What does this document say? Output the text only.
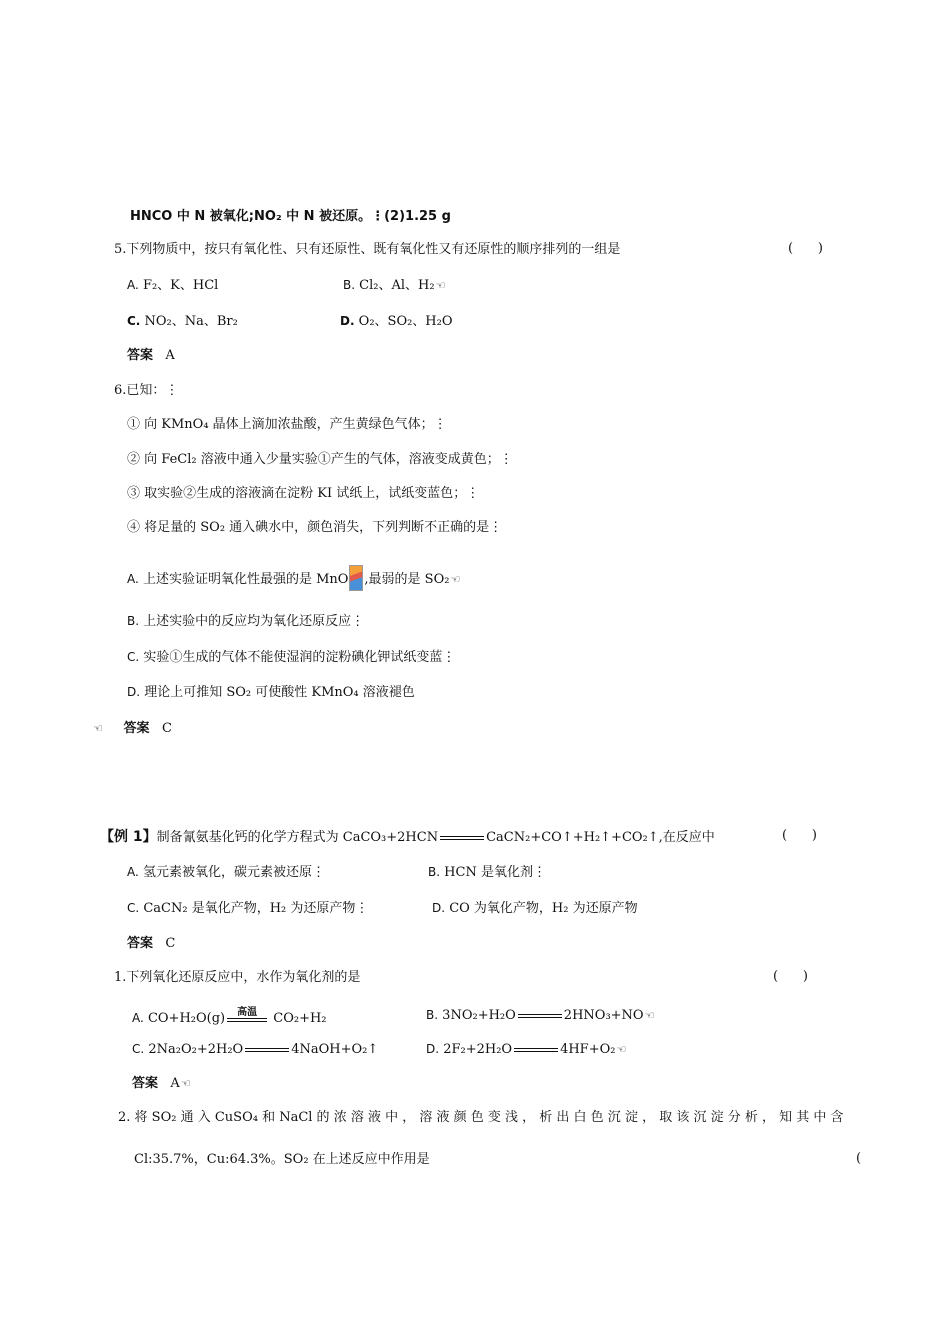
HNCO 中 N 被氧化;NO₂ 中 N 被还原。⋮(2)1.25 g
5.下列物质中，按只有氧化性、只有还原性、既有氧化性又有还原性的顺序排列的一组是	(      )
A. F₂、K、HCl	B. Cl₂、Al、H₂☜
C. NO₂、Na、Br₂	D. O₂、SO₂、H₂O
答案 A
6.已知：⋮
① 向 KMnO₄ 晶体上滴加浓盐酸，产生黄绿色气体；⋮
② 向 FeCl₂ 溶液中通入少量实验①产生的气体，溶液变成黄色；⋮
③ 取实验②生成的溶液滴在淀粉 KI 试纸上，试纸变蓝色；⋮
④ 将足量的 SO₂ 通入碘水中，颜色消失，下列判断不正确的是⋮
A. 上述实验证明氧化性最强的是 MnO ,最弱的是 SO₂☜
B. 上述实验中的反应均为氧化还原反应⋮
C. 实验①生成的气体不能使湿润的淀粉碘化钾试纸变蓝⋮
D. 理论上可推知 SO₂ 可使酸性 KMnO₄ 溶液褪色
☜ 答案 C
【例 1】制备氰氨基化钙的化学方程式为 CaCO₃+2HCN	CaCN₂+CO↑+H₂↑+CO₂↑,在反应中	(      )
A. 氢元素被氧化，碳元素被还原⋮	B. HCN 是氧化剂⋮
C. CaCN₂ 是氧化产物，H₂ 为还原产物⋮	D. CO 为氧化产物，H₂ 为还原产物
答案 C
1.下列氧化还原反应中，水作为氧化剂的是	(      )
A. CO+H₂O(g)	高温 CO₂+H₂	B. 3NO₂+H₂O	2HNO₃+NO☜
C. 2Na₂O₂+2H₂O	4NaOH+O₂↑	D. 2F₂+2H₂O	4HF+O₂☜
答案 A☜
2. 将 SO₂ 通 入 CuSO₄ 和 NaCl 的 浓 溶 液 中 ， 溶 液 颜 色 变 浅 ， 析 出 白 色 沉 淀 ， 取 该 沉 淀 分 析 ， 知 其 中 含
Cl:35.7%，Cu:64.3%。SO₂ 在上述反应中作用是	(
